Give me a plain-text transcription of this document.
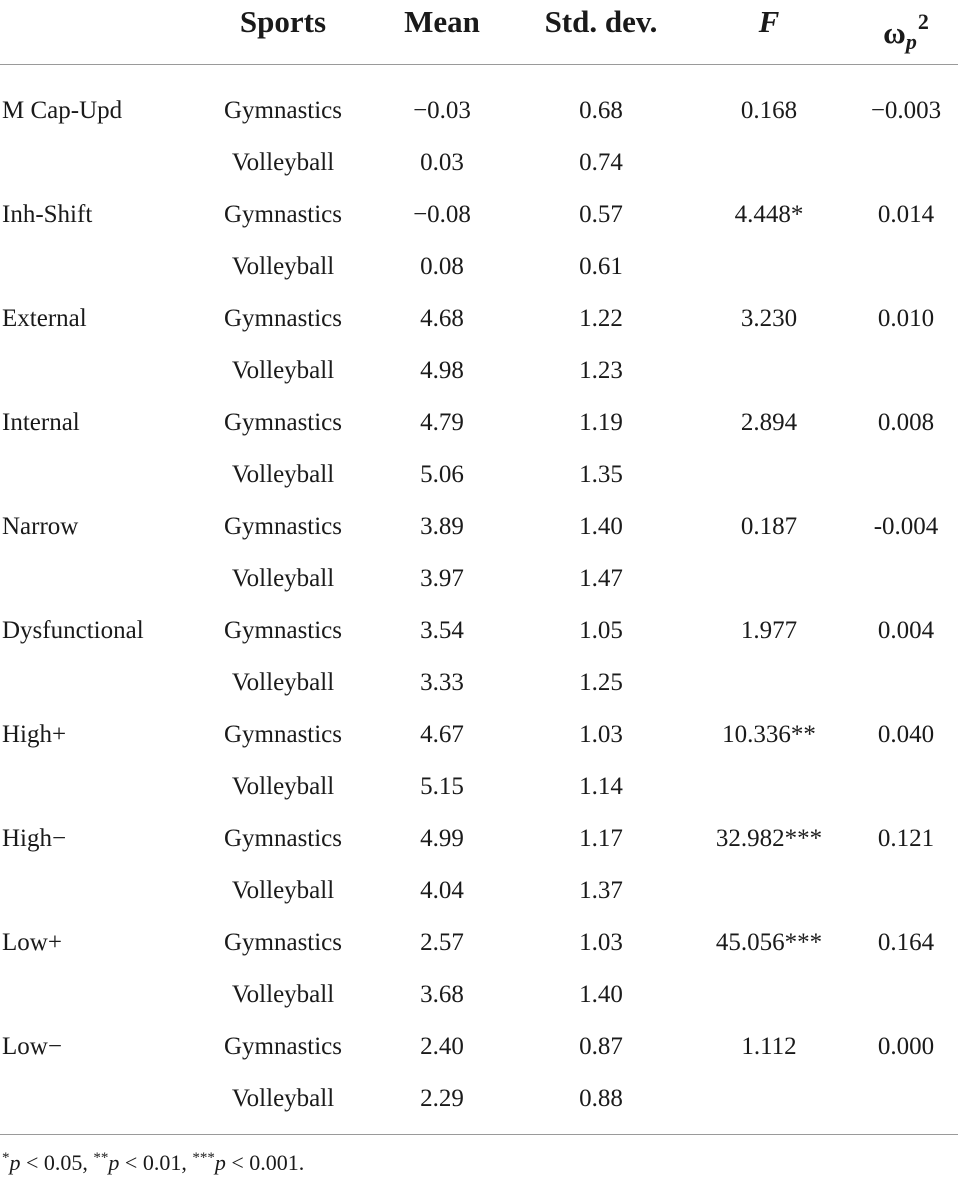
	Sports	Mean	Std. dev.	F	$\omega_p^2$
M Cap-Upd	Gymnastics	−0.03	0.68	0.168	−0.003
	Volleyball	0.03	0.74		
Inh-Shift	Gymnastics	−0.08	0.57	4.448*	0.014
	Volleyball	0.08	0.61		
External	Gymnastics	4.68	1.22	3.230	0.010
	Volleyball	4.98	1.23		
Internal	Gymnastics	4.79	1.19	2.894	0.008
	Volleyball	5.06	1.35		
Narrow	Gymnastics	3.89	1.40	0.187	-0.004
	Volleyball	3.97	1.47		
Dysfunctional	Gymnastics	3.54	1.05	1.977	0.004
	Volleyball	3.33	1.25		
High+	Gymnastics	4.67	1.03	10.336**	0.040
	Volleyball	5.15	1.14		
High−	Gymnastics	4.99	1.17	32.982***	0.121
	Volleyball	4.04	1.37		
Low+	Gymnastics	2.57	1.03	45.056***	0.164
	Volleyball	3.68	1.40		
Low−	Gymnastics	2.40	0.87	1.112	0.000
	Volleyball	2.29	0.88		
*p < 0.05, **p < 0.01, ***p < 0.001.
